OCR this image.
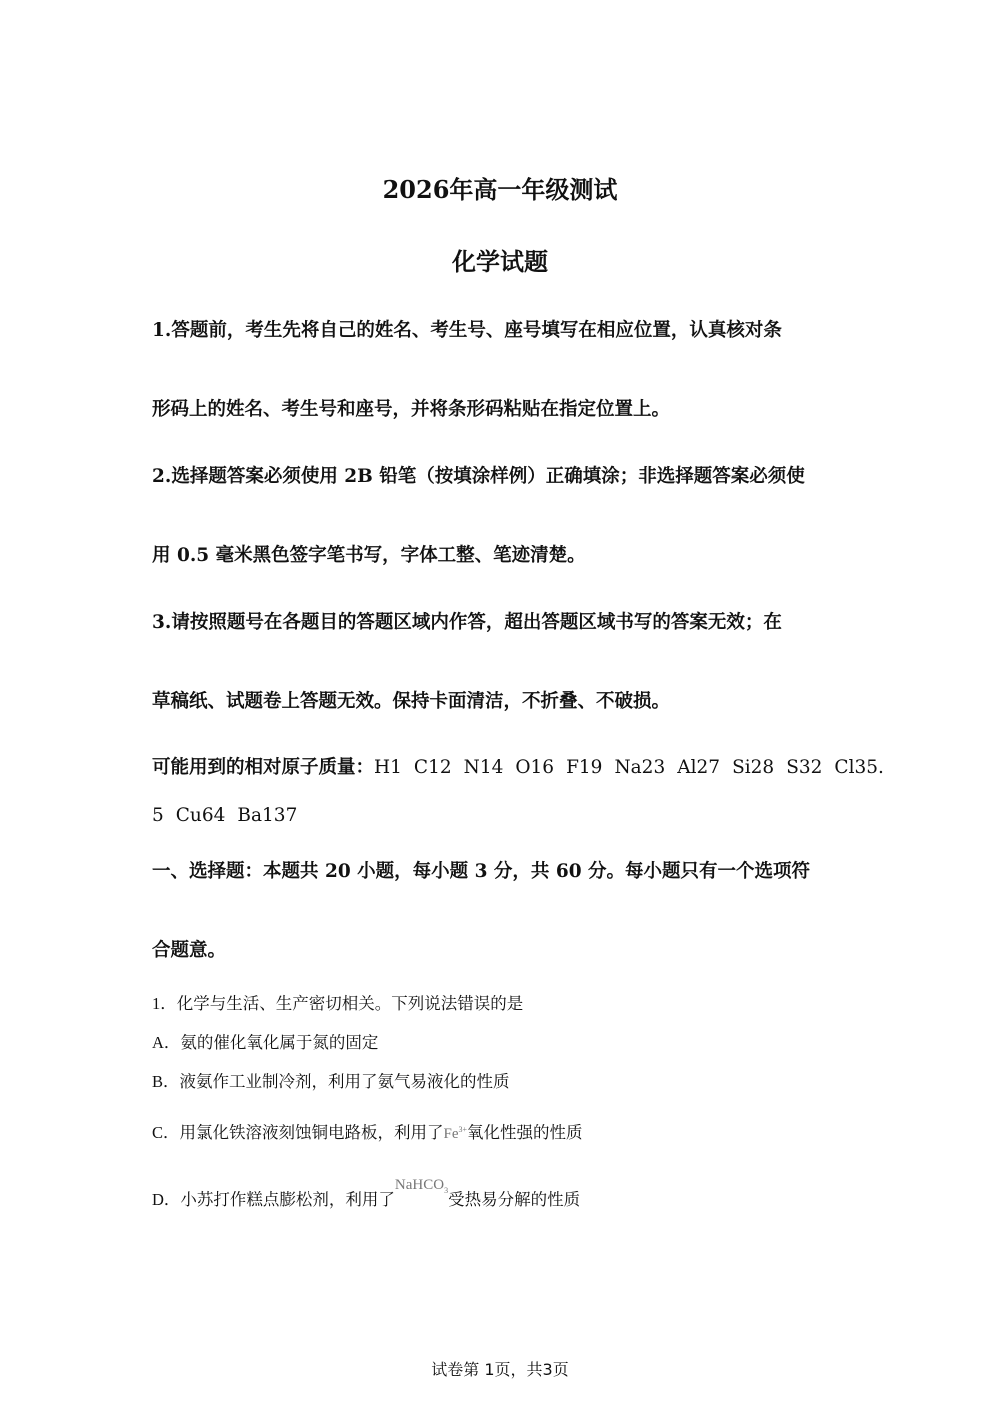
2026年高一年级测试
化学试题
1.答题前，考生先将自己的姓名、考生号、座号填写在相应位置，认真核对条
形码上的姓名、考生号和座号，并将条形码粘贴在指定位置上。
2.选择题答案必须使用 2B 铅笔（按填涂样例）正确填涂；非选择题答案必须使
用 0.5 毫米黑色签字笔书写，字体工整、笔迹清楚。
3.请按照题号在各题目的答题区域内作答，超出答题区域书写的答案无效；在
草稿纸、试题卷上答题无效。保持卡面清洁，不折叠、不破损。
可能用到的相对原子质量：H1 C12 N14 O16 F19 Na23 Al27 Si28 S32 Cl35.
5 Cu64 Ba137
一、选择题：本题共 20 小题，每小题 3 分，共 60 分。每小题只有一个选项符
合题意。
1．化学与生活、生产密切相关。下列说法错误的是
A．氨的催化氧化属于氮的固定
B．液氨作工业制冷剂，利用了氨气易液化的性质
C．用氯化铁溶液刻蚀铜电路板，利用了$Fe^{3+}$氧化性强的性质
D．小苏打作糕点膨松剂，利用了NaHCO$_3$受热易分解的性质
试卷第 1页，共3页
